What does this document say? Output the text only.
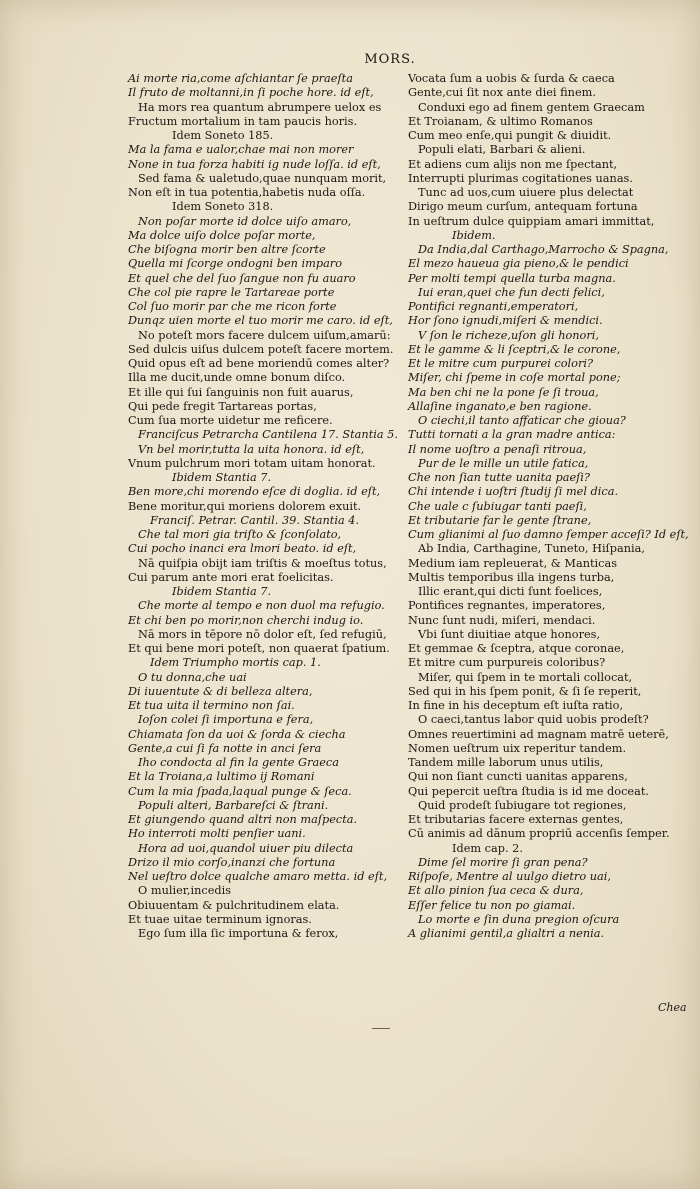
MORS.
Ai morte ria,come aſchiantar ſe praeſta
Il fruto de moltanni,in ſi poche hore. id eſt,
Ha mors rea quantum abrumpere uelox es
Fructum mortalium in tam paucis horis.
Idem Soneto 185.
Ma la fama e ualor,chae mai non morer
None in tua forza habiti ig nude loſſa. id eſt,
Sed fama & ualetudo,quae nunquam morit,
Non eſt in tua potentia,habetis nuda oſſa.
Idem Soneto 318.
Non poſar morte id dolce uiſo amaro,
Ma dolce uiſo dolce poſar morte,
Che biſogna morir ben altre ſcorte
Quella mi ſcorge ondogni ben imparo
Et quel che del ſuo ſangue non fu auaro
Che col pie rapre le Tartareae porte
Col ſuo morir par che me ricon forte
Dunqz uien morte el tuo morir me caro. id eſt,
No poteſt mors facere dulcem uiſum,amarū:
Sed dulcis uiſus dulcem poteſt facere mortem.
Quid opus eſt ad bene moriendū comes alter?
Illa me ducit,unde omne bonum diſco.
Et ille qui ſui ſanguinis non fuit auarus,
Qui pede fregit Tartareas portas,
Cum ſua morte uidetur me reficere.
Franciſcus Petrarcha Cantilena 17. Stantia 5.
Vn bel morir,tutta la uita honora. id eſt,
Vnum pulchrum mori totam uitam honorat.
Ibidem Stantia 7.
Ben more,chi morendo eſce di doglia. id eſt,
Bene moritur,qui moriens dolorem exuit.
Franciſ. Petrar. Cantil. 39. Stantia 4.
Che tal mori gia triſto & ſconſolato,
Cui pocho inanci era lmori beato. id eſt,
Nā quiſpia obijt iam triſtis & moeſtus totus,
Cui parum ante mori erat foelicitas.
Ibidem Stantia 7.
Che morte al tempo e non duol ma refugio.
Et chi ben po morir,non cherchi indug io.
Nā mors in tēpore nō dolor eſt, ſed refugiū,
Et qui bene mori poteſt, non quaerat ſpatium.
Idem Triumpho mortis cap. 1.
O tu donna,che uai
Di iuuentute & di belleza altera,
Et tua uita il termino non ſai.
Ioſon colei ſi importuna e fera,
Chiamata ſon da uoi & ſorda & ciecha
Gente,a cui ſi fa notte in anci ſera
Iho condocta al fin la gente Graeca
Et la Troiana,a lultimo ij Romani
Cum la mia ſpada,laqual punge & ſeca.
Populi alteri, Barbareſci & ſtrani.
Et giungendo quand altri non maſpecta.
Ho interroti molti penſier uani.
Hora ad uoi,quandol uiuer piu dilecta
Drizo il mio corſo,inanzi che fortuna
Nel ueſtro dolce qualche amaro metta. id eſt,
O mulier,incedis
Obiuuentam & pulchritudinem elata.
Et tuae uitae terminum ignoras.
Ego ſum illa ſic importuna & ferox,
Vocata ſum a uobis & ſurda & caeca
Gente,cui ſit nox ante diei finem.
Conduxi ego ad finem gentem Graecam
Et Troianam, & ultimo Romanos
Cum meo enſe,qui pungit & diuidit.
Populi elati, Barbari & alieni.
Et adiens cum alijs non me ſpectant,
Interrupti plurimas cogitationes uanas.
Tunc ad uos,cum uiuere plus delectat
Dirigo meum curſum, antequam fortuna
In ueſtrum dulce quippiam amari immittat,
Ibidem.
Da India,dal Carthago,Marrocho & Spagna,
El mezo haueua gia pieno,& le pendici
Per molti tempi quella turba magna.
Iui eran,quei che fun decti felici,
Pontifici regnanti,emperatori,
Hor ſono ignudi,miſeri & mendici.
V ſon le richeze,uſon gli honori,
Et le gamme & li ſceptri,& le corone,
Et le mitre cum purpurei colori?
Miſer, chi ſpeme in coſe mortal pone;
Ma ben chi ne la pone ſe ſi troua,
Allaſine inganato,e ben ragione.
O ciechi,il tanto affaticar che gioua?
Tutti tornati a la gran madre antica:
Il nome uoſtro a penaſi ritroua,
Pur de le mille un utile fatica,
Che non ſian tutte uanita paeſi?
Chi intende i uoſtri ſtudij ſi mel dica.
Che uale c ſubiugar tanti paeſi,
Et tributarie far le gente ſtrane,
Cum glianimi al ſuo damno ſemper acceſi? Id eſt,
Ab India, Carthagine, Tuneto, Hiſpania,
Medium iam repleuerat, & Manticas
Multis temporibus illa ingens turba,
Illic erant,qui dicti ſunt foelices,
Pontifices regnantes, imperatores,
Nunc ſunt nudi, miſeri, mendaci.
Vbi ſunt diuitiae atque honores,
Et gemmae & ſceptra, atque coronae,
Et mitre cum purpureis coloribus?
Miſer, qui ſpem in te mortali collocat,
Sed qui in his ſpem ponit, & ſi ſe reperit,
In fine in his deceptum eſt iuſta ratio,
O caeci,tantus labor quid uobis prodeſt?
Omnes reuertimini ad magnam matrē ueterē,
Nomen ueſtrum uix reperitur tandem.
Tandem mille laborum unus utilis,
Qui non ſiant cuncti uanitas apparens,
Qui pepercit ueſtra ſtudia is id me doceat.
Quid prodeſt ſubiugare tot regiones,
Et tributarias facere externas gentes,
Cū animis ad dānum propriū accenſis ſemper.
Idem cap. 2.
Dime ſel morire ſi gran pena?
Riſpoſe, Mentre al uulgo dietro uai,
Et allo pinion ſua ceca & dura,
Eſſer felice tu non po giamai.
Lo morte e ſin duna pregion oſcura
A glianimi gentil,a glialtri a nenia.
Chea
